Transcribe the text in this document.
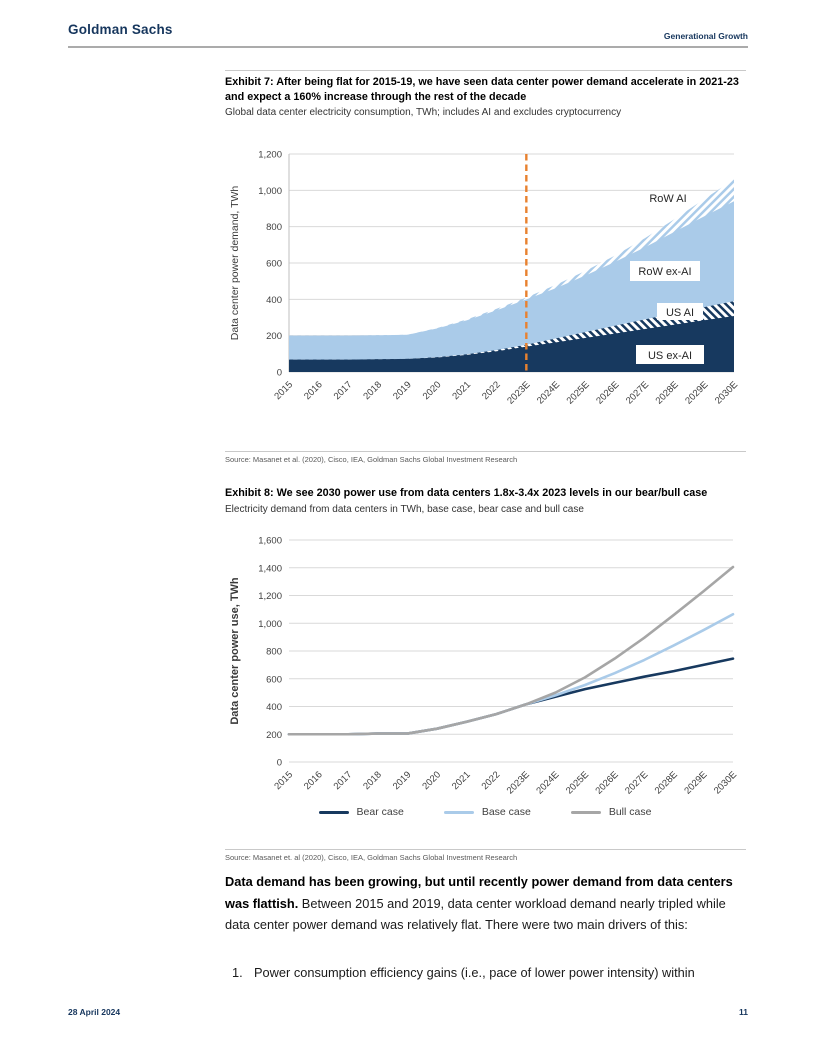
Goldman Sachs	Generational Growth
Exhibit 7: After being flat for 2015-19, we have seen data center power demand accelerate in 2021-23 and expect a 160% increase through the rest of the decade
Global data center electricity consumption, TWh; includes AI and excludes cryptocurrency
0
200
400
600
800
1,000
1,200
2015 2016 2017 2018 2019 2020 2021 2022 2023E 2024E 2025E 2026E 2027E 2028E 2029E 2030E
Data center power demand, TWh	RoW AI
RoW ex-AI
US AI
US ex-AI
Source: Masanet et al. (2020), Cisco, IEA, Goldman Sachs Global Investment Research
Exhibit 8: We see 2030 power use from data centers 1.8x-3.4x 2023 levels in our bear/bull case
Electricity demand from data centers in TWh, base case, bear case and bull case
0
200
400
600
800
1,000
1,200
1,400
1,600
2015 2016 2017 2018 2019 2020 2021 2022 2023E 2024E 2025E 2026E 2027E 2028E 2029E 2030E
Data center power use, TWh
Bear case	Base case	Bull case
Source: Masanet et. al (2020), Cisco, IEA, Goldman Sachs Global Investment Research
Data demand has been growing, but until recently power demand from data centers was flattish. Between 2015 and 2019, data center workload demand nearly tripled while data center power demand was relatively flat. There were two main drivers of this:
1. Power consumption efficiency gains (i.e., pace of lower power intensity) within
28 April 2024	11
